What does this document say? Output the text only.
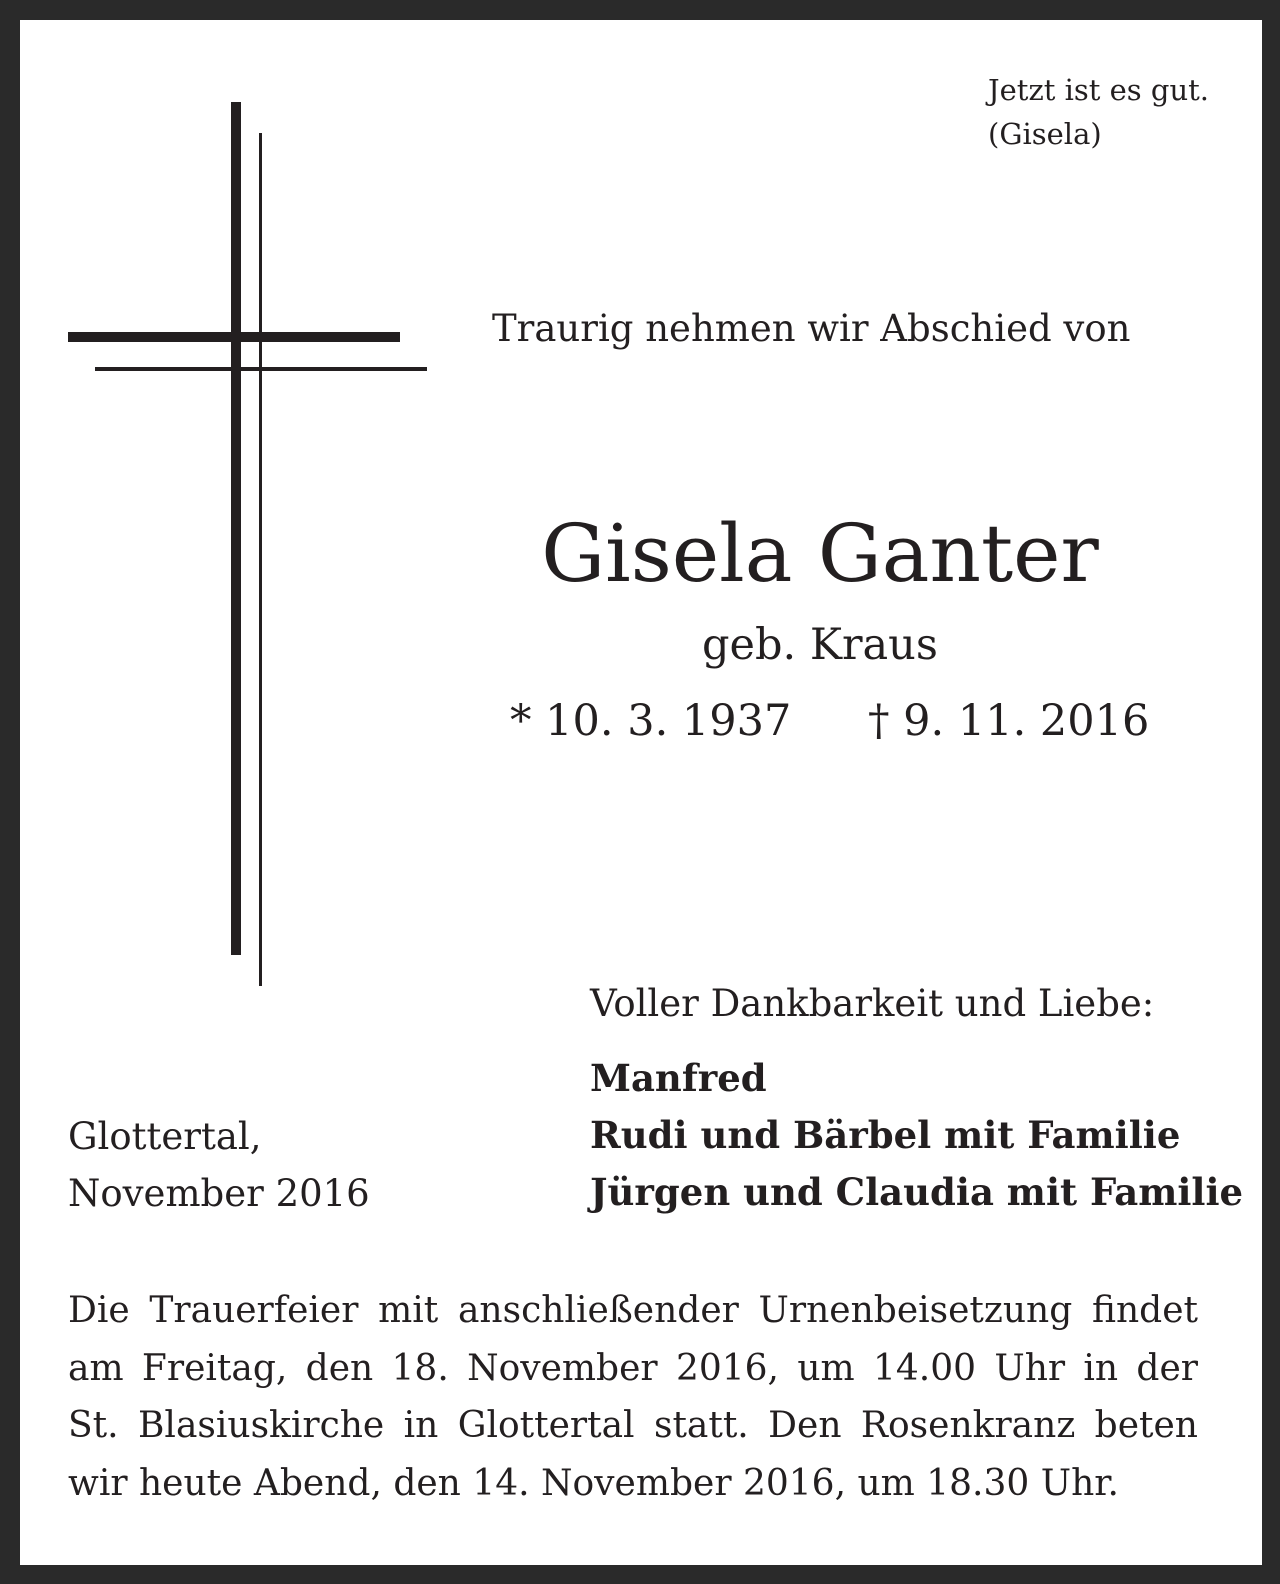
Jetzt ist es gut.
(Gisela)
Traurig nehmen wir Abschied von
Gisela Ganter
geb. Kraus
* 10. 3. 1937 † 9. 11. 2016
Voller Dankbarkeit und Liebe:
Manfred
Rudi und Bärbel mit Familie
Jürgen und Claudia mit Familie
Glottertal,
November 2016
Die Trauerfeier mit anschließender Urnenbeisetzung findet
am Freitag, den 18. November 2016, um 14.00 Uhr in der
St. Blasiuskirche in Glottertal statt. Den Rosenkranz beten
wir heute Abend, den 14. November 2016, um 18.30 Uhr.
